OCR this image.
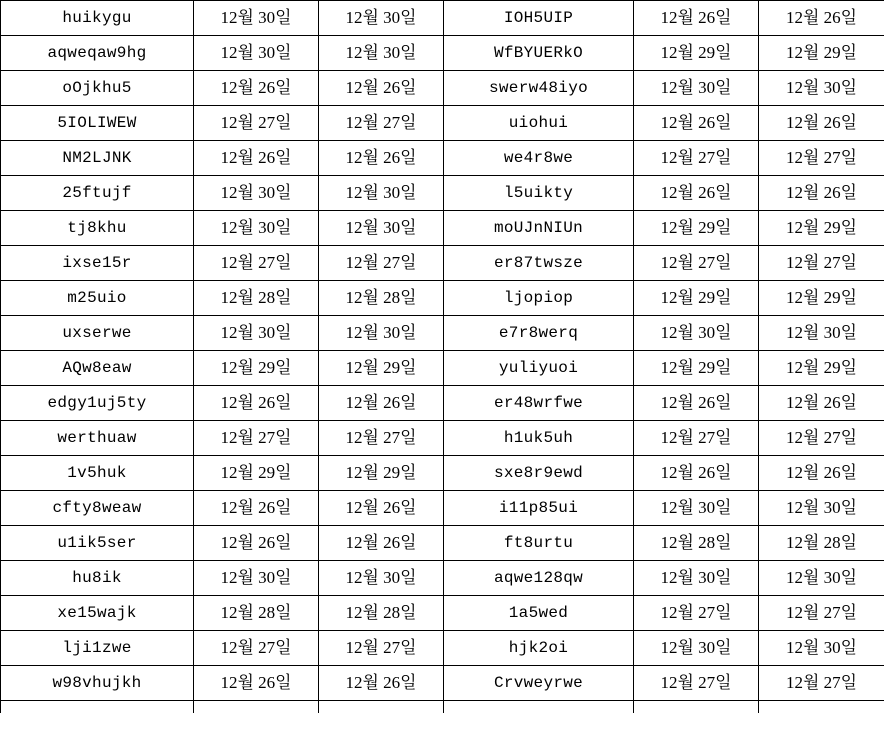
huikygu	12월 30일	12월 30일	IOH5UIP	12월 26일	12월 26일
aqweqaw9hg	12월 30일	12월 30일	WfBYUERkO	12월 29일	12월 29일
oOjkhu5	12월 26일	12월 26일	swerw48iyo	12월 30일	12월 30일
5IOLIWEW	12월 27일	12월 27일	uiohui	12월 26일	12월 26일
NM2LJNK	12월 26일	12월 26일	we4r8we	12월 27일	12월 27일
25ftujf	12월 30일	12월 30일	l5uikty	12월 26일	12월 26일
tj8khu	12월 30일	12월 30일	moUJnNIUn	12월 29일	12월 29일
ixse15r	12월 27일	12월 27일	er87twsze	12월 27일	12월 27일
m25uio	12월 28일	12월 28일	ljopiop	12월 29일	12월 29일
uxserwe	12월 30일	12월 30일	e7r8werq	12월 30일	12월 30일
AQw8eaw	12월 29일	12월 29일	yuliyuoi	12월 29일	12월 29일
edgy1uj5ty	12월 26일	12월 26일	er48wrfwe	12월 26일	12월 26일
werthuaw	12월 27일	12월 27일	h1uk5uh	12월 27일	12월 27일
1v5huk	12월 29일	12월 29일	sxe8r9ewd	12월 26일	12월 26일
cfty8weaw	12월 26일	12월 26일	i11p85ui	12월 30일	12월 30일
u1ik5ser	12월 26일	12월 26일	ft8urtu	12월 28일	12월 28일
hu8ik	12월 30일	12월 30일	aqwe128qw	12월 30일	12월 30일
xe15wajk	12월 28일	12월 28일	1a5wed	12월 27일	12월 27일
lji1zwe	12월 27일	12월 27일	hjk2oi	12월 30일	12월 30일
w98vhujkh	12월 26일	12월 26일	Crvweyrwe	12월 27일	12월 27일
